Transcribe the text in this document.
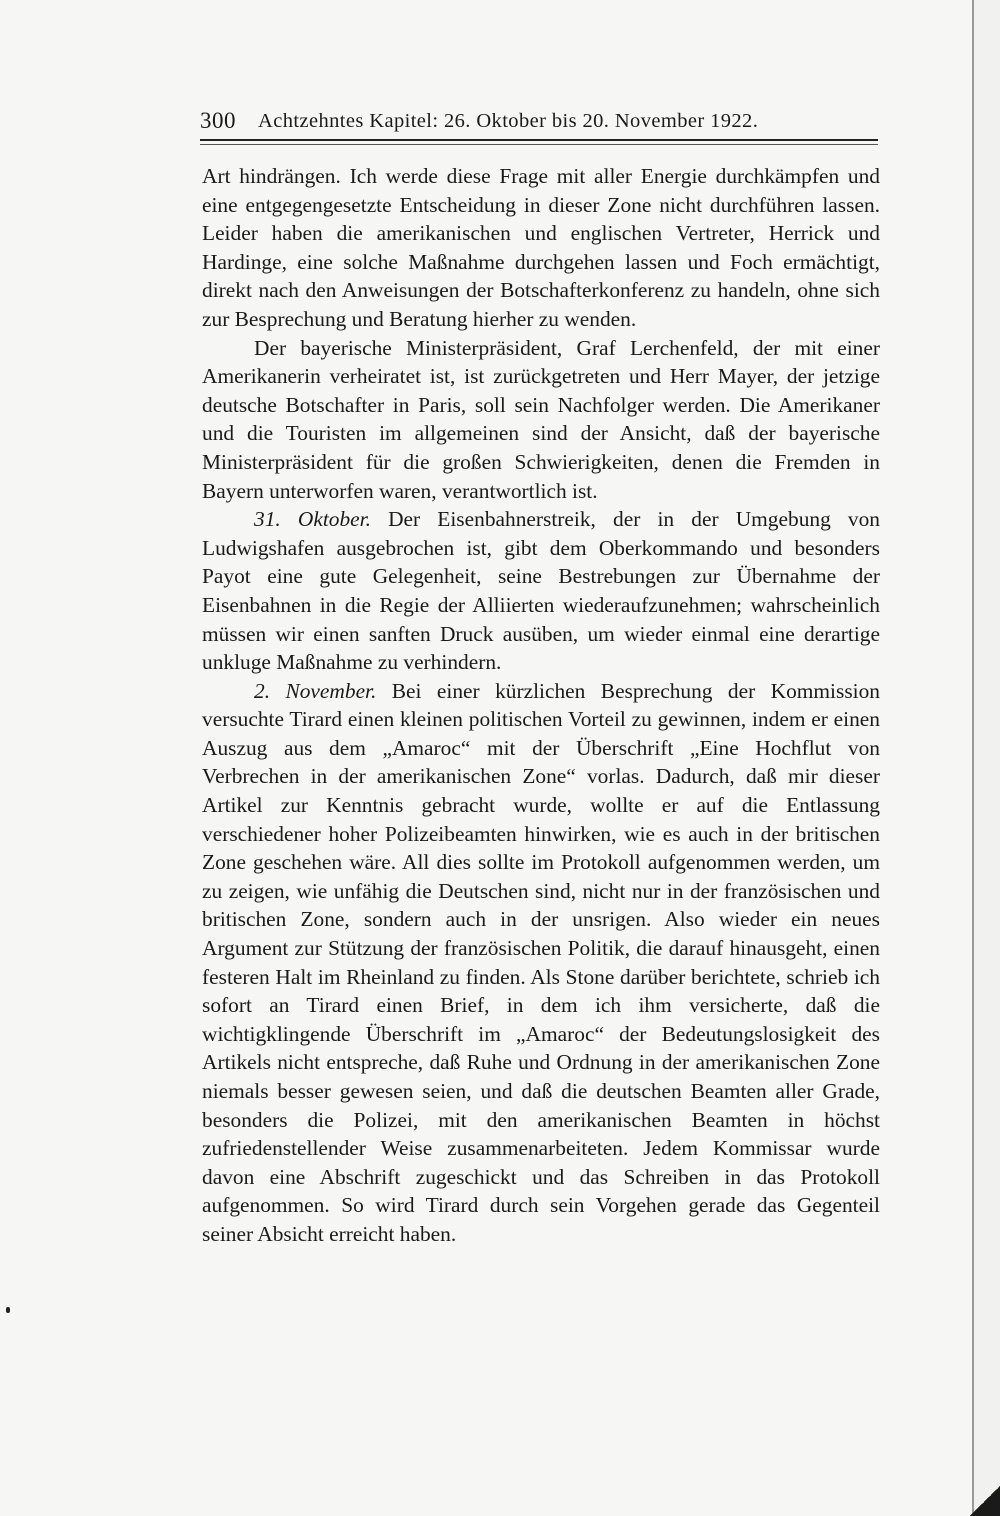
300 Achtzehntes Kapitel: 26. Oktober bis 20. November 1922.

Art hindrängen. Ich werde diese Frage mit aller Energie durchkämpfen und eine entgegengesetzte Entscheidung in dieser Zone nicht durchführen lassen. Leider haben die amerikanischen und englischen Vertreter, Herrick und Hardinge, eine solche Maßnahme durchgehen lassen und Foch ermächtigt, direkt nach den Anweisungen der Botschafterkonferenz zu handeln, ohne sich zur Besprechung und Beratung hierher zu wenden.

Der bayerische Ministerpräsident, Graf Lerchenfeld, der mit einer Amerikanerin verheiratet ist, ist zurückgetreten und Herr Mayer, der jetzige deutsche Botschafter in Paris, soll sein Nachfolger werden. Die Amerikaner und die Touristen im allgemeinen sind der Ansicht, daß der bayerische Ministerpräsident für die großen Schwierigkeiten, denen die Fremden in Bayern unterworfen waren, verantwortlich ist.

31. Oktober. Der Eisenbahnerstreik, der in der Umgebung von Ludwigshafen ausgebrochen ist, gibt dem Oberkommando und besonders Payot eine gute Gelegenheit, seine Bestrebungen zur Übernahme der Eisenbahnen in die Regie der Alliierten wiederaufzunehmen; wahrscheinlich müssen wir einen sanften Druck ausüben, um wieder einmal eine derartige unkluge Maßnahme zu verhindern.

2. November. Bei einer kürzlichen Besprechung der Kommission versuchte Tirard einen kleinen politischen Vorteil zu gewinnen, indem er einen Auszug aus dem „Amaroc“ mit der Überschrift „Eine Hochflut von Verbrechen in der amerikanischen Zone“ vorlas. Dadurch, daß mir dieser Artikel zur Kenntnis gebracht wurde, wollte er auf die Entlassung verschiedener hoher Polizeibeamten hinwirken, wie es auch in der britischen Zone geschehen wäre. All dies sollte im Protokoll aufgenommen werden, um zu zeigen, wie unfähig die Deutschen sind, nicht nur in der französischen und britischen Zone, sondern auch in der unsrigen. Also wieder ein neues Argument zur Stützung der französischen Politik, die darauf hinausgeht, einen festeren Halt im Rheinland zu finden. Als Stone darüber berichtete, schrieb ich sofort an Tirard einen Brief, in dem ich ihm versicherte, daß die wichtigklingende Überschrift im „Amaroc“ der Bedeutungslosigkeit des Artikels nicht entspreche, daß Ruhe und Ordnung in der amerikanischen Zone niemals besser gewesen seien, und daß die deutschen Beamten aller Grade, besonders die Polizei, mit den amerikanischen Beamten in höchst zufriedenstellender Weise zusammenarbeiteten. Jedem Kommissar wurde davon eine Abschrift zugeschickt und das Schreiben in das Protokoll aufgenommen. So wird Tirard durch sein Vorgehen gerade das Gegenteil seiner Absicht erreicht haben.
